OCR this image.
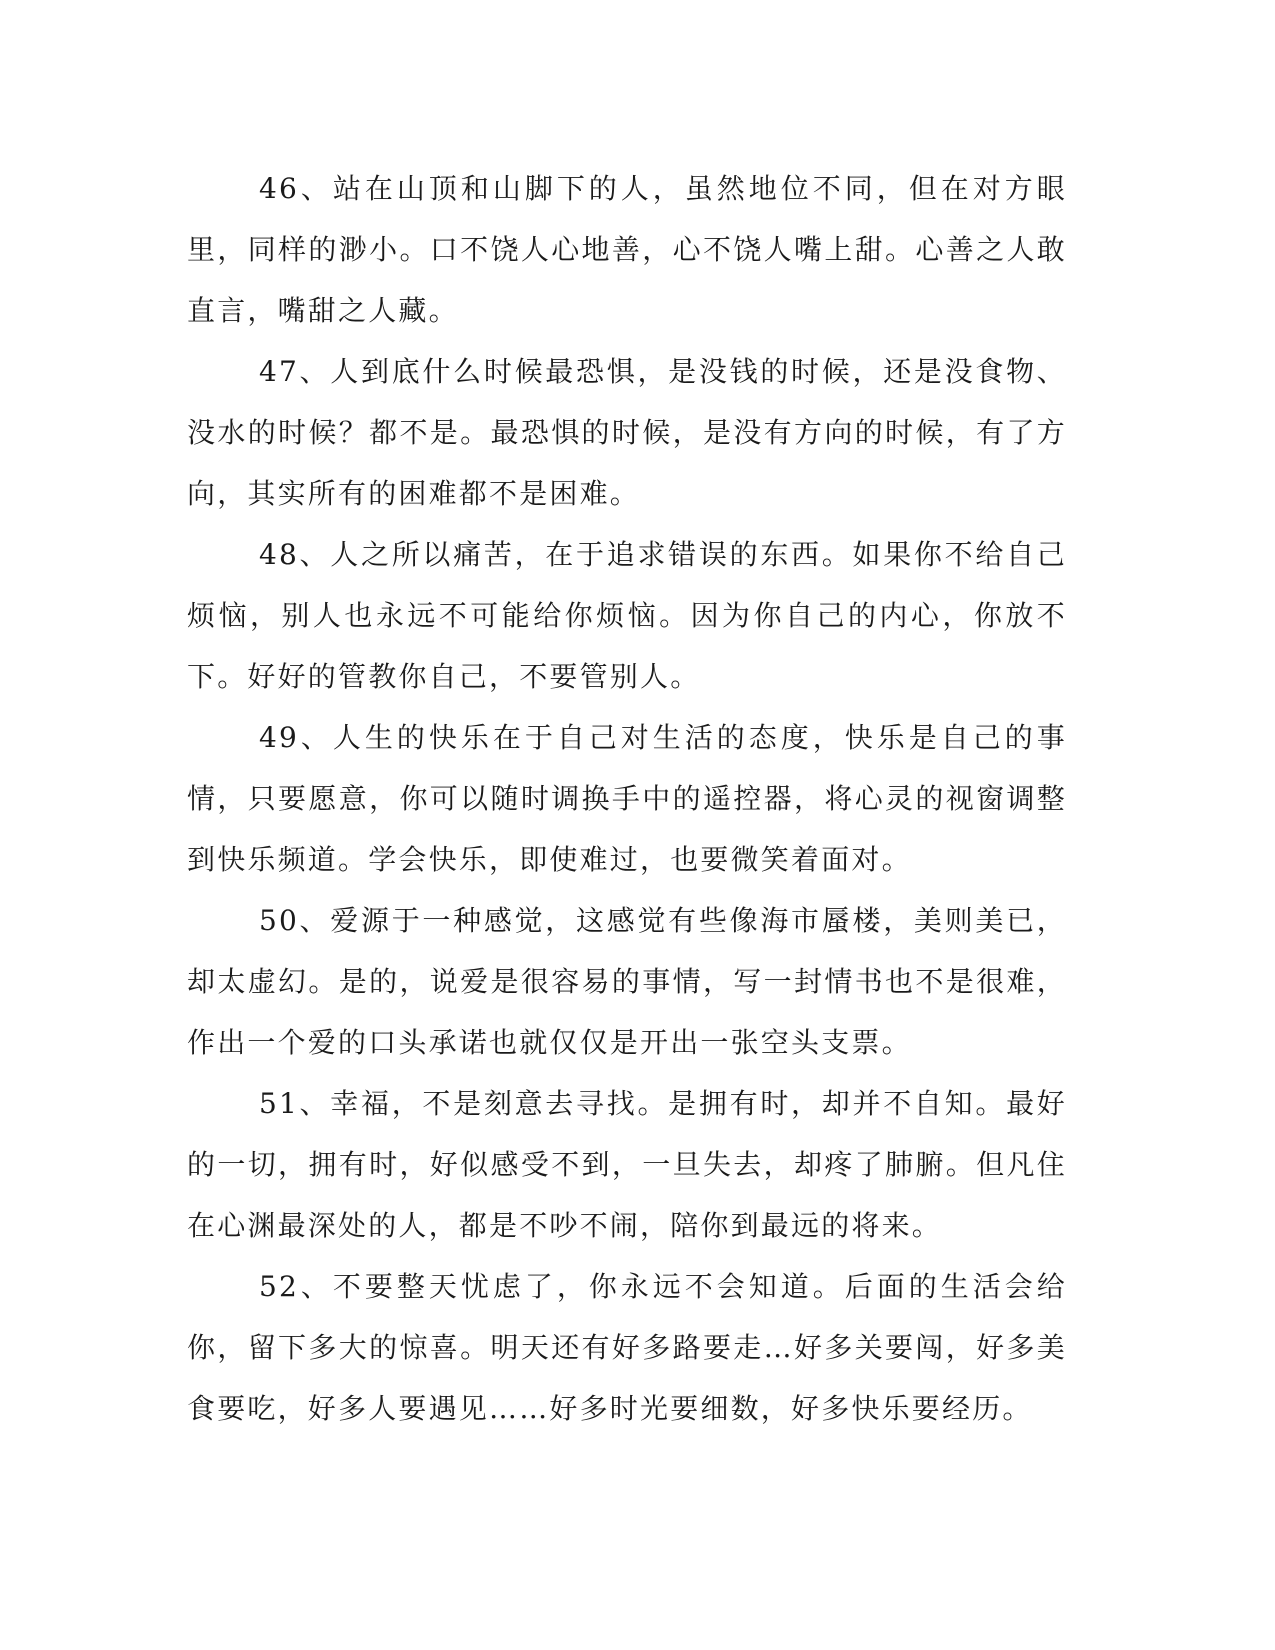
46、站在山顶和山脚下的人，虽然地位不同，但在对方眼里，同样的渺小。口不饶人心地善，心不饶人嘴上甜。心善之人敢直言，嘴甜之人藏。

47、人到底什么时候最恐惧，是没钱的时候，还是没食物、没水的时候？都不是。最恐惧的时候，是没有方向的时候，有了方向，其实所有的困难都不是困难。

48、人之所以痛苦，在于追求错误的东西。如果你不给自己烦恼，别人也永远不可能给你烦恼。因为你自己的内心，你放不下。好好的管教你自己，不要管别人。

49、人生的快乐在于自己对生活的态度，快乐是自己的事情，只要愿意，你可以随时调换手中的遥控器，将心灵的视窗调整到快乐频道。学会快乐，即使难过，也要微笑着面对。

50、爱源于一种感觉，这感觉有些像海市蜃楼，美则美已，却太虚幻。是的，说爱是很容易的事情，写一封情书也不是很难，作出一个爱的口头承诺也就仅仅是开出一张空头支票。

51、幸福，不是刻意去寻找。是拥有时，却并不自知。最好的一切，拥有时，好似感受不到，一旦失去，却疼了肺腑。但凡住在心渊最深处的人，都是不吵不闹，陪你到最远的将来。

52、不要整天忧虑了，你永远不会知道。后面的生活会给你，留下多大的惊喜。明天还有好多路要走…好多关要闯，好多美食要吃，好多人要遇见……好多时光要细数，好多快乐要经历。
